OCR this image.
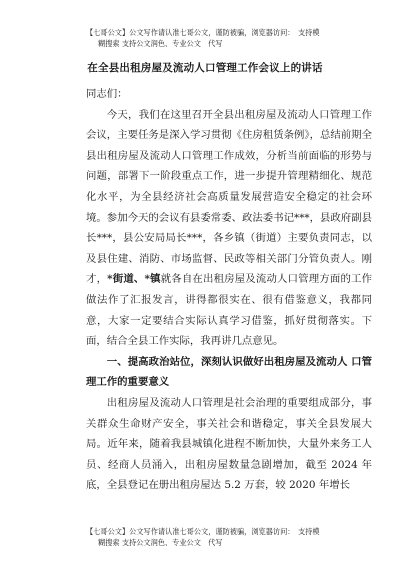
【七哥公文】公文写作请认准七哥公文，谨防被骗，浏览器访问：　支持模
糊搜索 支持公文润色、专业公文　代写
在全县出租房屋及流动人口管理工作会议上的讲话

同志们：

今天，我们在这里召开全县出租房屋及流动人口管理工作会议，主要任务是深入学习贯彻《住房租赁条例》，总结前期全县出租房屋及流动人口管理工作成效，分析当前面临的形势与问题，部署下一阶段重点工作，进一步提升管理精细化、规范化水平，为全县经济社会高质量发展营造安全稳定的社会环境。参加今天的会议有县委常委、政法委书记***，县政府副县长***，县公安局局长***，各乡镇（街道）主要负责同志，以及县住建、消防、市场监督、民政等相关部门分管负责人。刚才，*街道、*镇就各自在出租房屋及流动人口管理方面的工作做法作了汇报发言，讲得都很实在、很有借鉴意义，我都同意，大家一定要结合实际认真学习借鉴，抓好贯彻落实。下面，结合全县工作实际，我再讲几点意见。

一、提高政治站位，深刻认识做好出租房屋及流动人 口管理工作的重要意义

出租房屋及流动人口管理是社会治理的重要组成部分，事关群众生命财产安全，事关社会和谐稳定，事关全县发展大局。近年来，随着我县城镇化进程不断加快，大量外来务工人员、经商人员涌入，出租房屋数量急剧增加，截至 2024 年底，全县登记在册出租房屋达 5.2 万套，较 2020 年增长

【七哥公文】公文写作请认准七哥公文，谨防被骗，浏览器访问：　支持模
糊搜索 支持公文润色、专业公文　代写
